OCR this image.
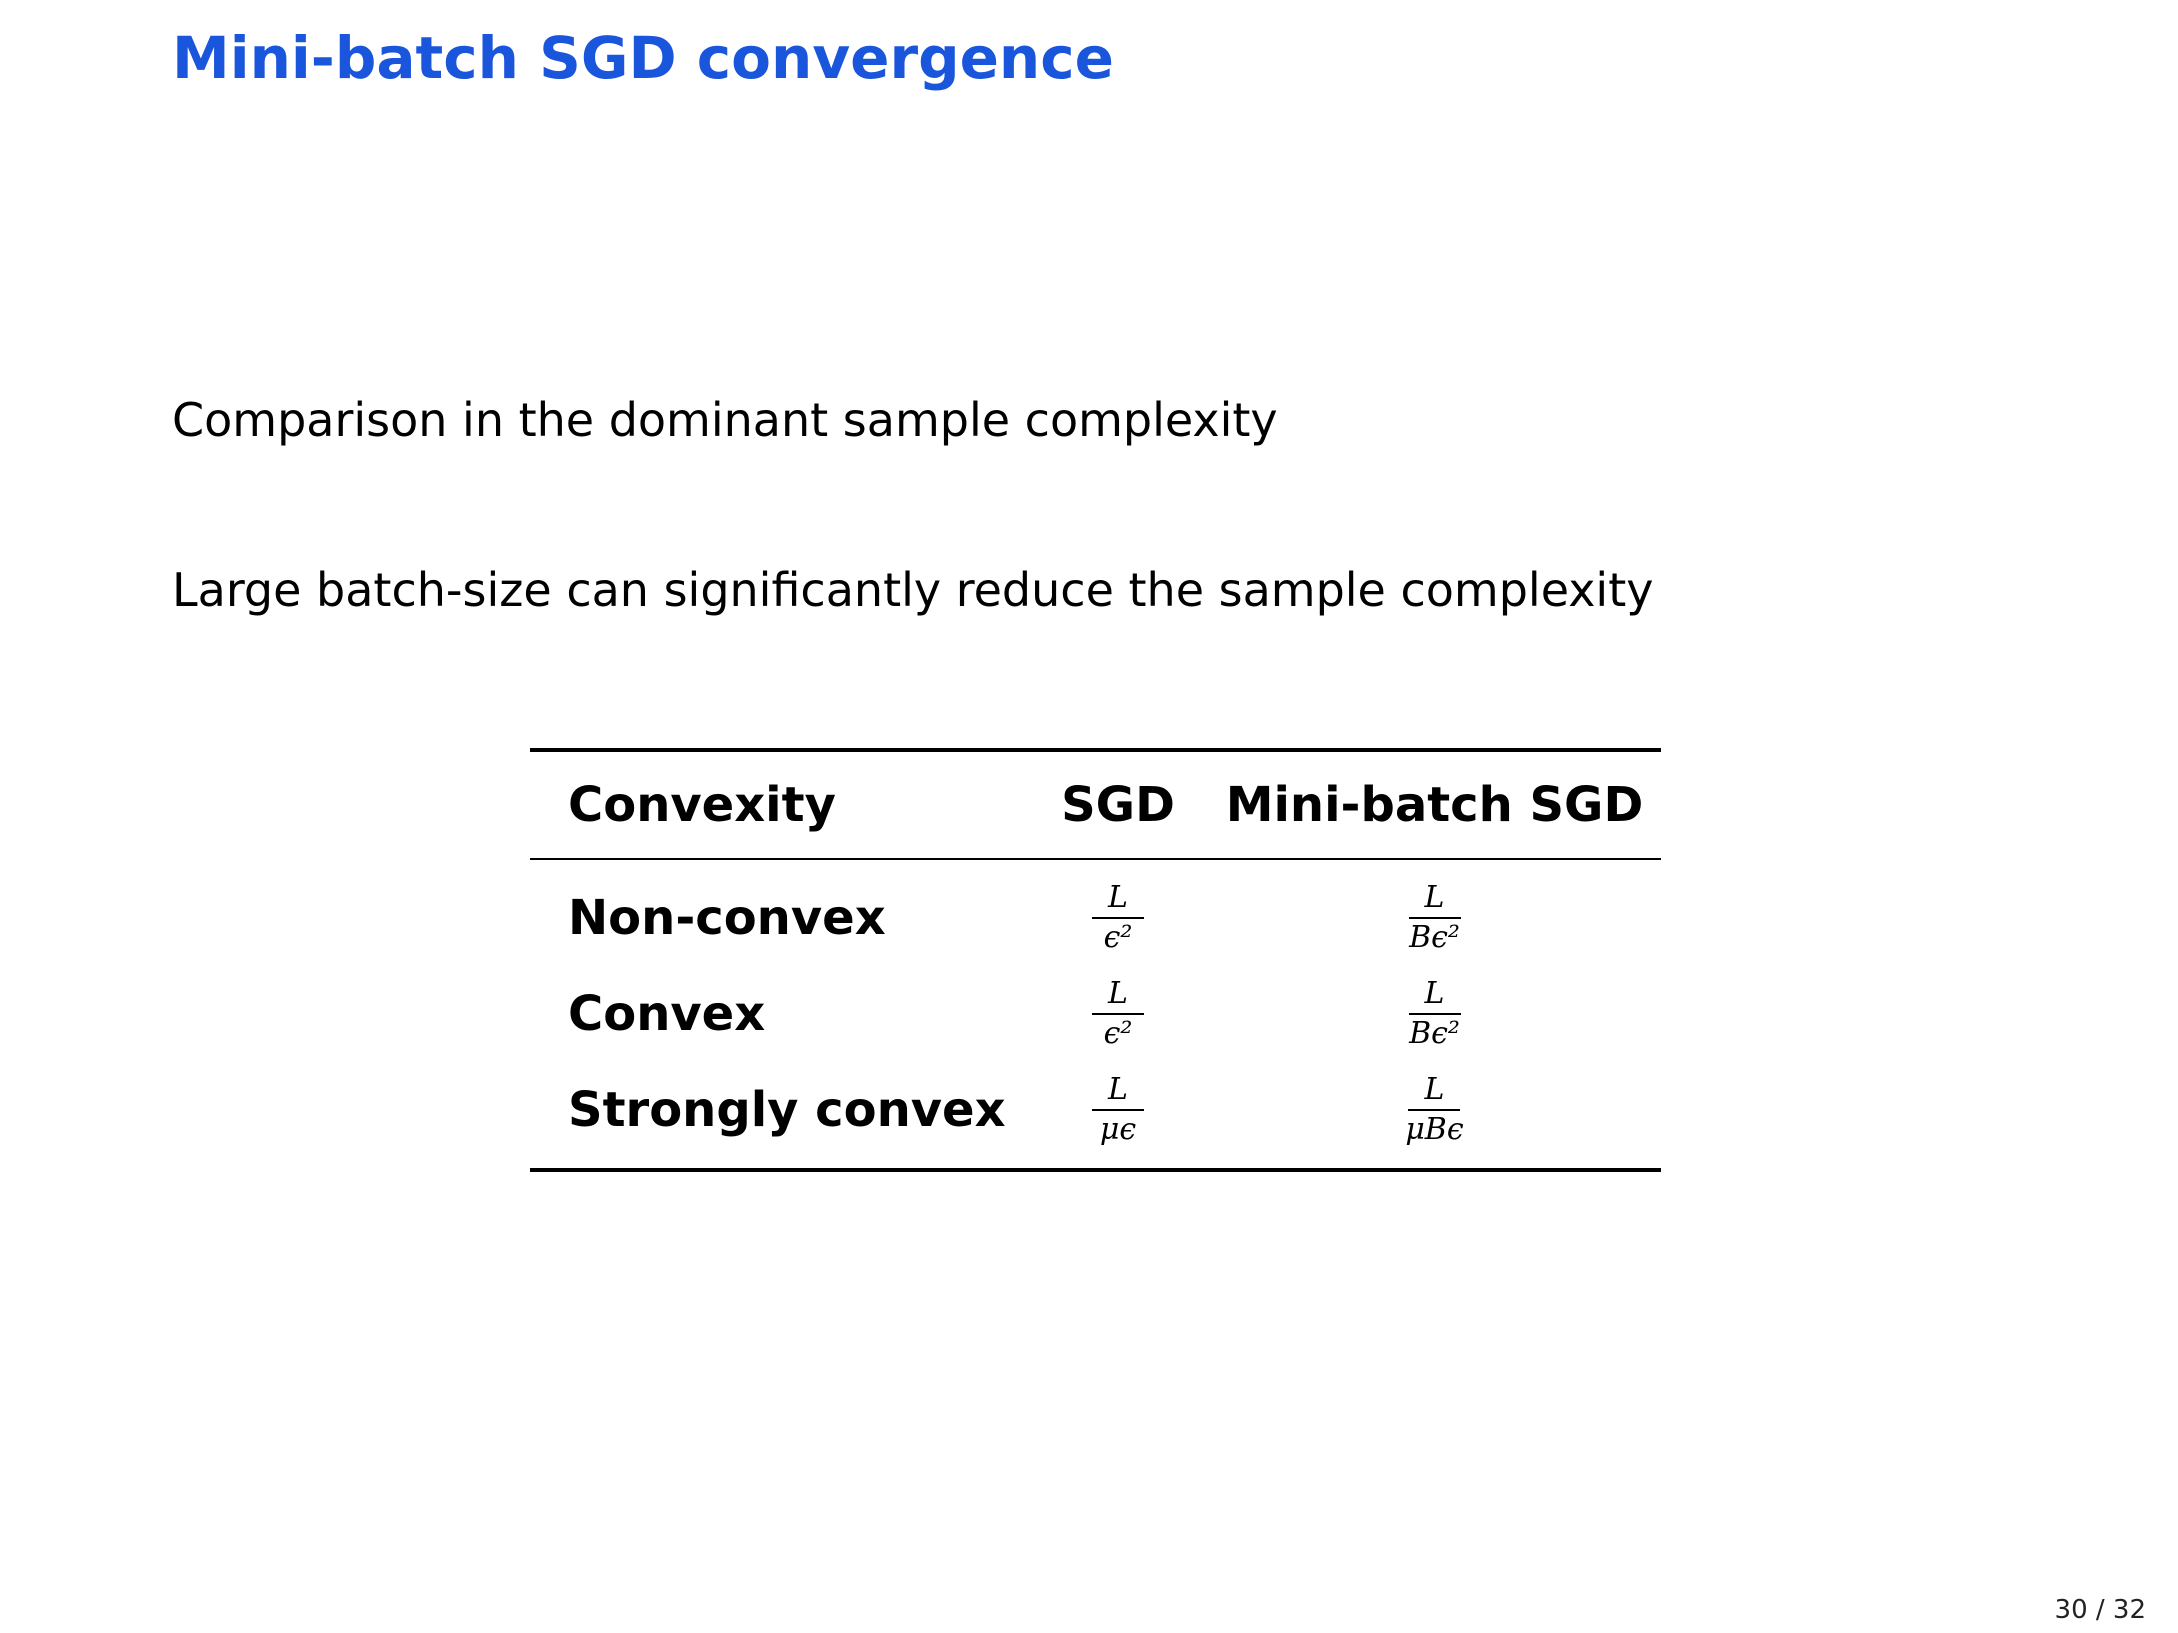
Mini-batch SGD convergence

Comparison in the dominant sample complexity

Large batch-size can significantly reduce the sample complexity

Convexity	SGD	Mini-batch SGD
Non-convex	$\frac{L}{\text{ϵ²}}$	$\frac{L}{\text{Bϵ²}}$

Convex	$\frac{L}{\text{ϵ²}}$	$\frac{L}{\text{Bϵ²}}$

Strongly convex	$\frac{L}{\mu\epsilon}$	$\frac{L}{\text{μBϵ}}$
30 / 32
